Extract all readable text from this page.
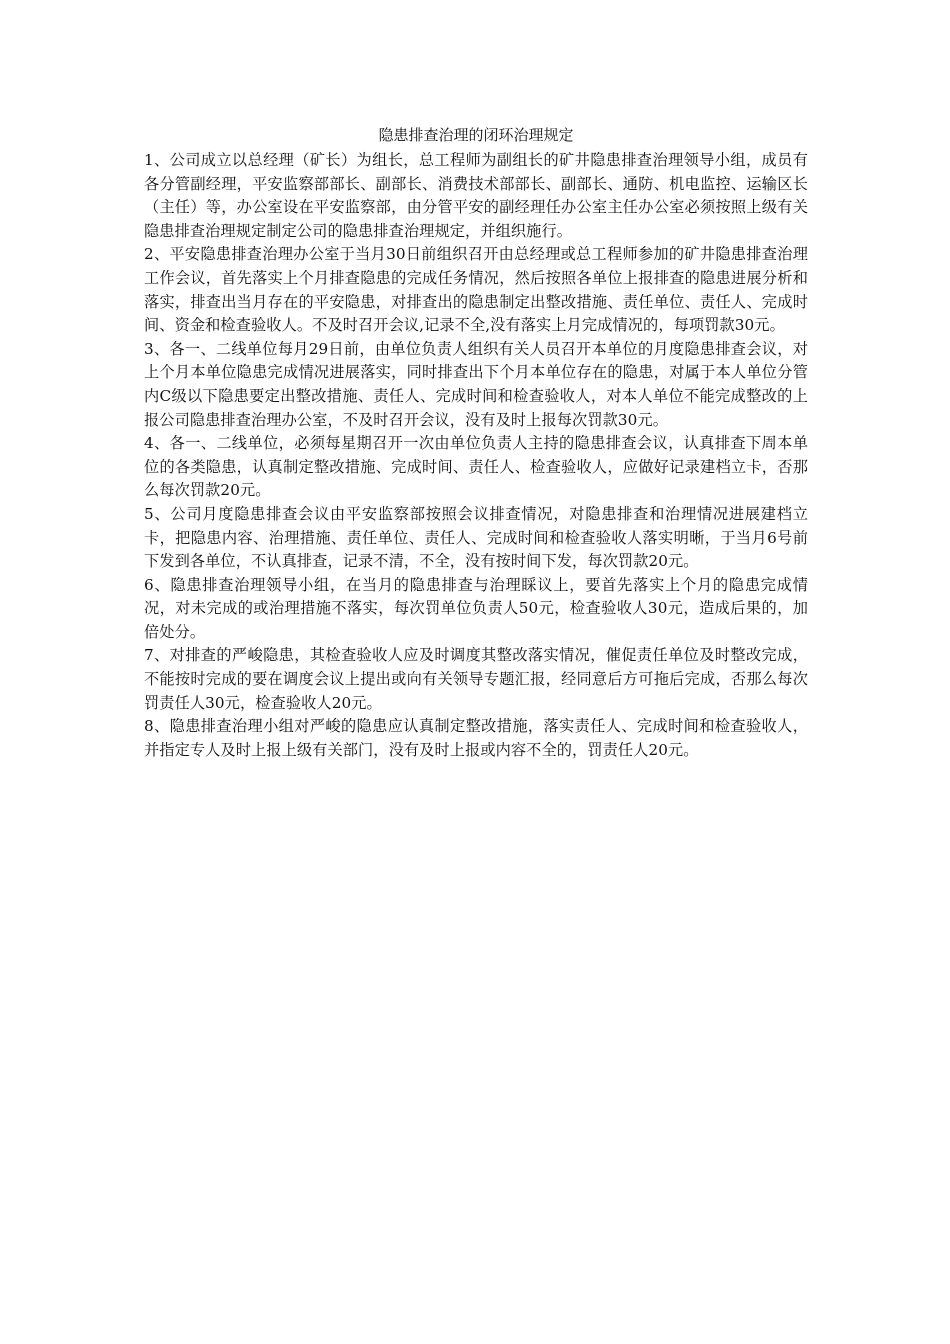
隐患排查治理的闭环治理规定

1、公司成立以总经理（矿长）为组长，总工程师为副组长的矿井隐患排查治理领导小组，成员有各分管副经理，平安监察部部长、副部长、消费技术部部长、副部长、通防、机电监控、运输区长（主任）等，办公室设在平安监察部，由分管平安的副经理任办公室主任办公室必须按照上级有关隐患排查治理规定制定公司的隐患排查治理规定，并组织施行。

2、平安隐患排查治理办公室于当月30日前组织召开由总经理或总工程师参加的矿井隐患排查治理工作会议，首先落实上个月排查隐患的完成任务情况，然后按照各单位上报排查的隐患进展分析和落实，排查出当月存在的平安隐患，对排查出的隐患制定出整改措施、责任单位、责任人、完成时间、资金和检查验收人。不及时召开会议,记录不全,没有落实上月完成情况的，每项罚款30元。

3、各一、二线单位每月29日前，由单位负责人组织有关人员召开本单位的月度隐患排查会议，对上个月本单位隐患完成情况进展落实，同时排查出下个月本单位存在的隐患，对属于本人单位分管内C级以下隐患要定出整改措施、责任人、完成时间和检查验收人，对本人单位不能完成整改的上报公司隐患排查治理办公室，不及时召开会议，没有及时上报每次罚款30元。

4、各一、二线单位，必须每星期召开一次由单位负责人主持的隐患排查会议，认真排查下周本单位的各类隐患，认真制定整改措施、完成时间、责任人、检查验收人，应做好记录建档立卡，否那么每次罚款20元。

5、公司月度隐患排查会议由平安监察部按照会议排查情况，对隐患排查和治理情况进展建档立卡，把隐患内容、治理措施、责任单位、责任人、完成时间和检查验收人落实明晰，于当月6号前下发到各单位，不认真排查，记录不清，不全，没有按时间下发，每次罚款20元。

6、隐患排查治理领导小组，在当月的隐患排查与治理睬议上，要首先落实上个月的隐患完成情况，对未完成的或治理措施不落实，每次罚单位负责人50元，检查验收人30元，造成后果的，加倍处分。

7、对排查的严峻隐患，其检查验收人应及时调度其整改落实情况，催促责任单位及时整改完成，不能按时完成的要在调度会议上提出或向有关领导专题汇报，经同意后方可拖后完成，否那么每次罚责任人30元，检查验收人20元。

8、隐患排查治理小组对严峻的隐患应认真制定整改措施，落实责任人、完成时间和检查验收人，并指定专人及时上报上级有关部门，没有及时上报或内容不全的，罚责任人20元。
